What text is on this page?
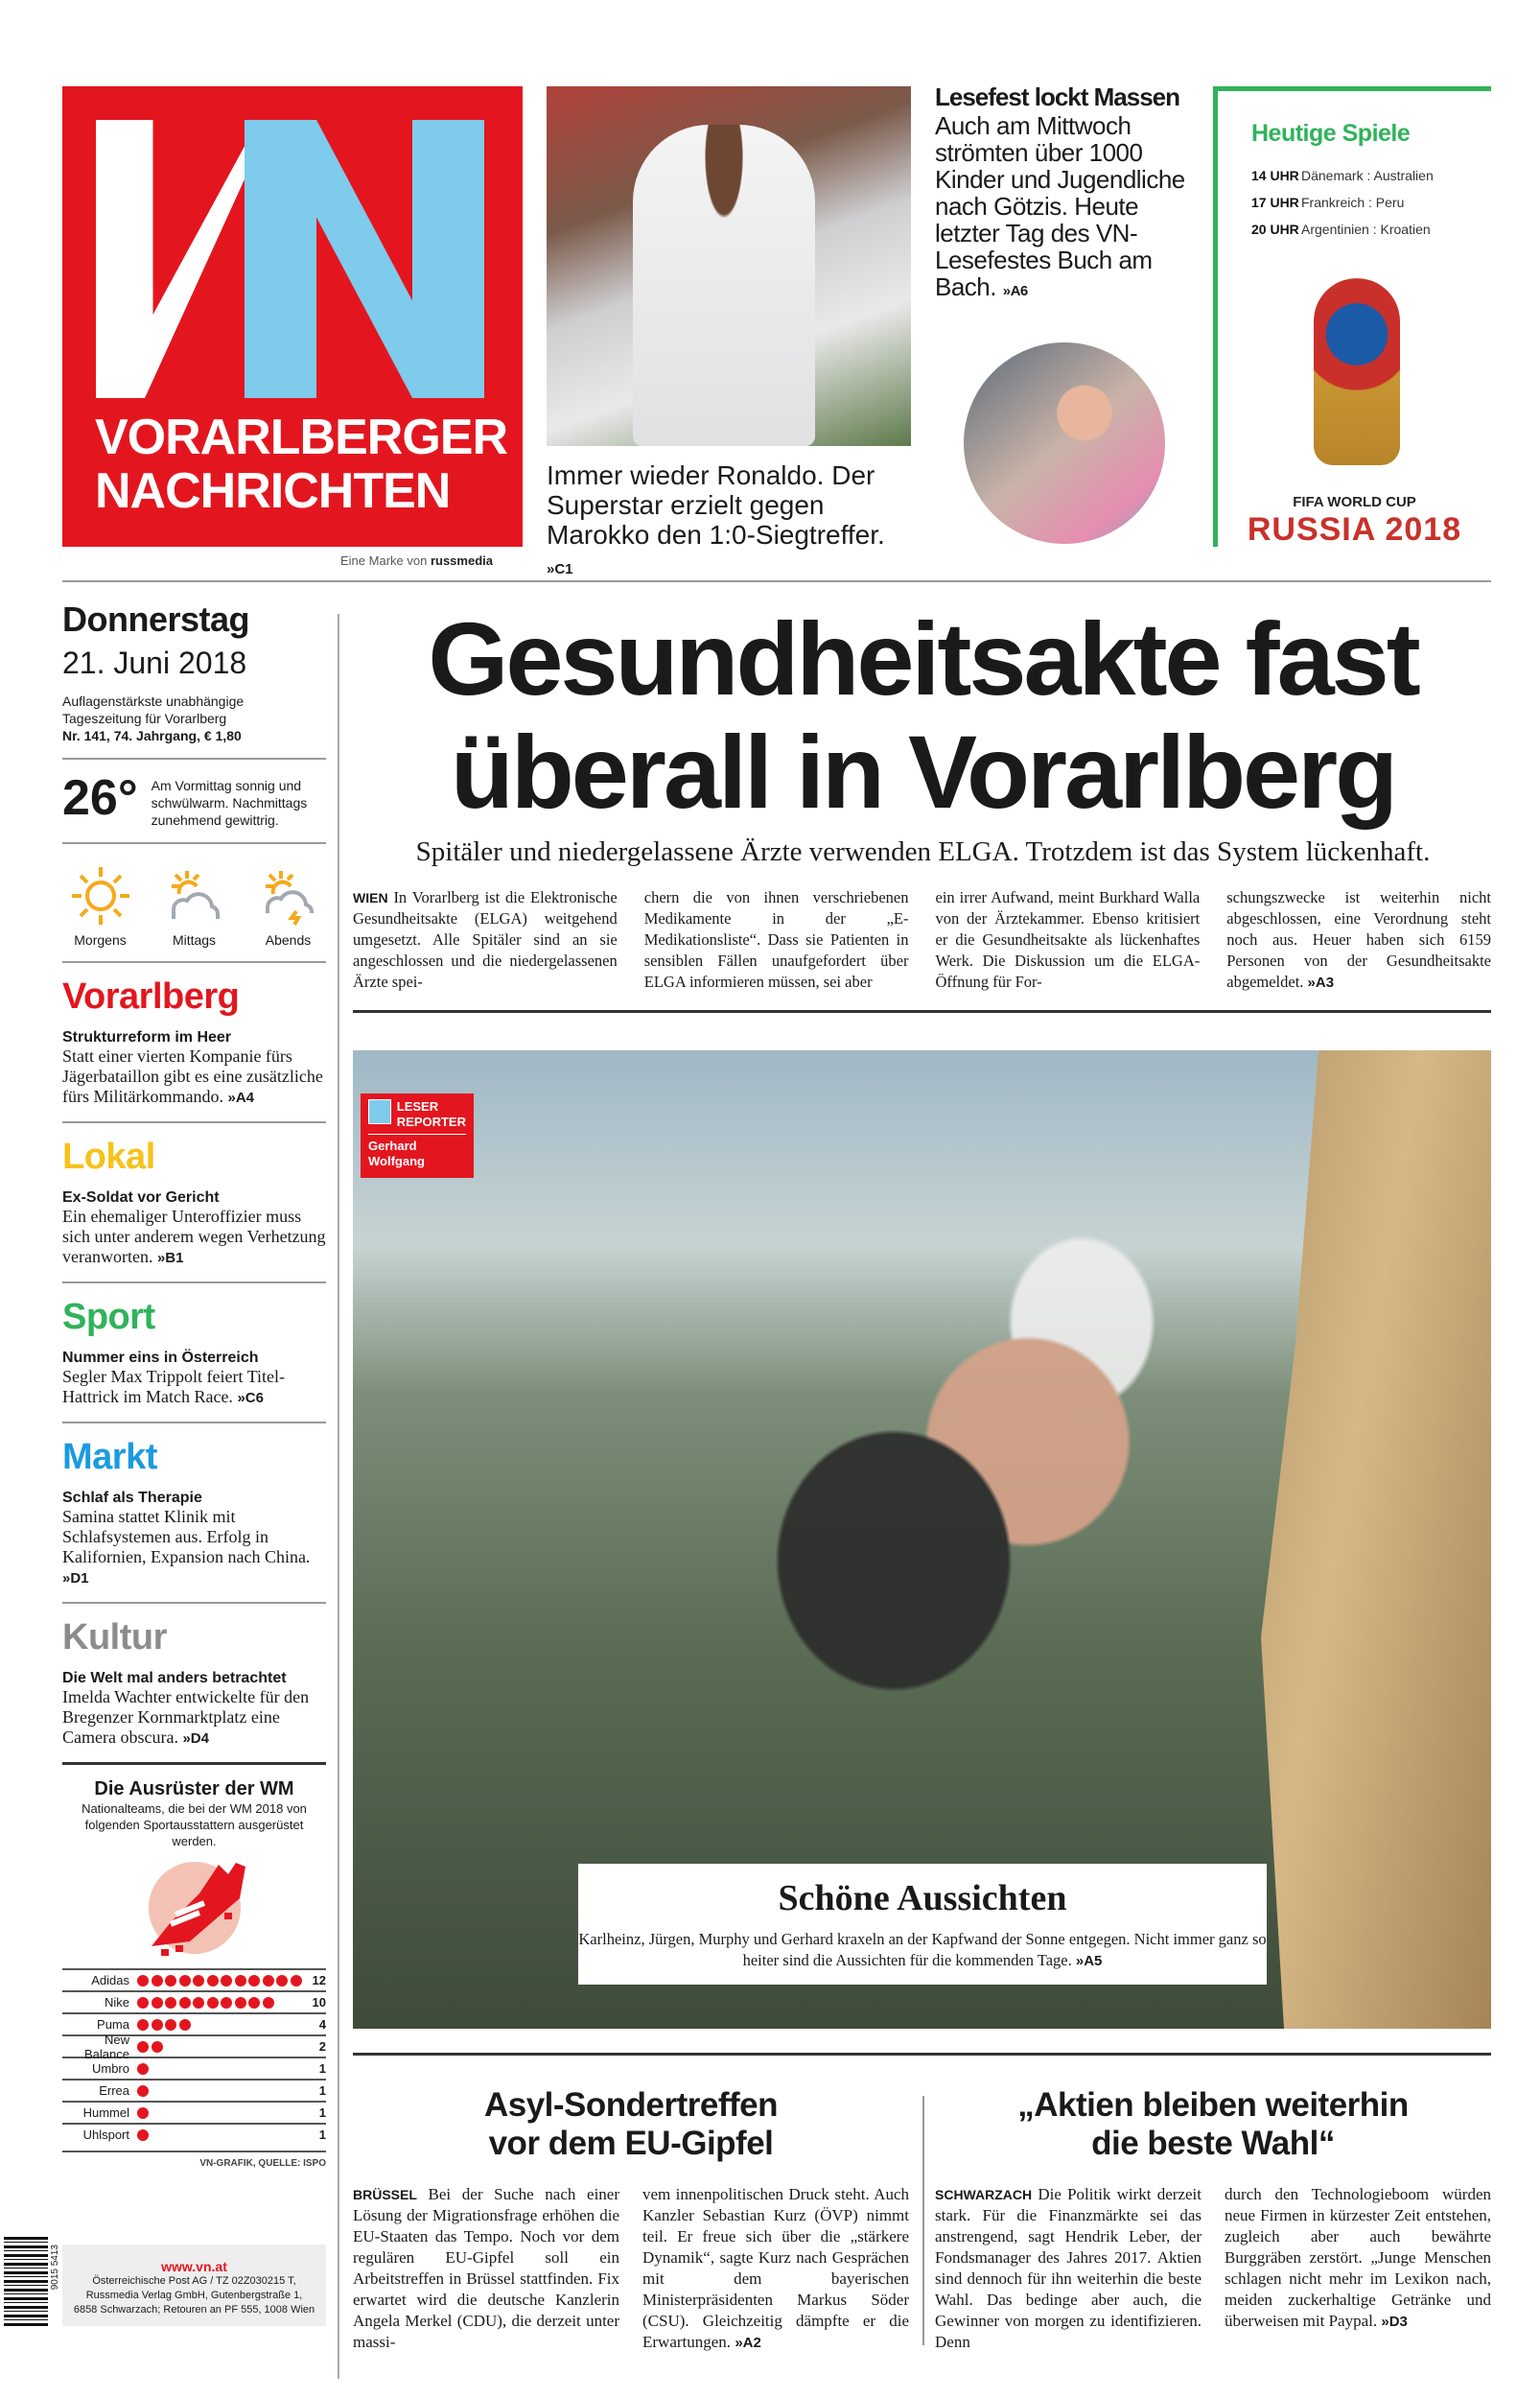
VORARLBERGER
NACHRICHTEN
Eine Marke von russmedia
Immer wieder Ronaldo. Der Superstar erzielt gegen Marokko den 1:0-Siegtreffer. »C1
Lesefest lockt Massen
Auch am Mittwoch strömten über 1000 Kinder und Jugendliche nach Götzis. Heute letzter Tag des VN-Lesefestes Buch am Bach. »A6
Heutige Spiele
14 UHR Dänemark : Australien
17 UHR Frankreich : Peru
20 UHR Argentinien : Kroatien
FIFA WORLD CUP
RUSSIA 2018
Donnerstag
21. Juni 2018
Auflagenstärkste unabhängige
Tageszeitung für Vorarlberg
Nr. 141, 74. Jahrgang, € 1,80
26° Am Vormittag sonnig und schwülwarm. Nachmittags zunehmend gewittrig.
Morgens	Mittags	Abends
Vorarlberg
Strukturreform im Heer
Statt einer vierten Kompanie fürs Jägerbataillon gibt es eine zusätzliche fürs Militärkommando. »A4
Lokal
Ex-Soldat vor Gericht
Ein ehemaliger Unteroffizier muss sich unter anderem wegen Verhetzung veranworten. »B1
Sport
Nummer eins in Österreich
Segler Max Trippolt feiert Titel-Hattrick im Match Race. »C6
Markt
Schlaf als Therapie
Samina stattet Klinik mit Schlafsystemen aus. Erfolg in Kalifornien, Expansion nach China. »D1
Kultur
Die Welt mal anders betrachtet
Imelda Wachter entwickelte für den Bregenzer Kornmarktplatz eine Camera obscura. »D4
Die Ausrüster der WM
Nationalteams, die bei der WM 2018 von folgenden Sportausstattern ausgerüstet werden.
Adidas	12
Nike	10
Puma	4
New Balance	2
Umbro	1
Errea	1
Hummel	1
Uhlsport	1
VN-GRAFIK, QUELLE: ISPO
www.vn.at
Österreichische Post AG / TZ 02Z030215 T,
Russmedia Verlag GmbH, Gutenbergstraße 1,
6858 Schwarzach; Retouren an PF 555, 1008 Wien
9015 5413
Gesundheitsakte fast
überall in Vorarlberg
Spitäler und niedergelassene Ärzte verwenden ELGA. Trotzdem ist das System lückenhaft.

WIEN In Vorarlberg ist die Elektronische Gesundheitsakte (ELGA) weitgehend umgesetzt. Alle Spitäler sind an sie angeschlossen und die niedergelassenen Ärzte spei-

chern die von ihnen verschriebenen Medikamente in der „E-Medikationsliste“. Dass sie Patienten in sensiblen Fällen unaufgefordert über ELGA informieren müssen, sei aber

ein irrer Aufwand, meint Burkhard Walla von der Ärztekammer. Ebenso kritisiert er die Gesundheitsakte als lückenhaftes Werk. Die Diskussion um die ELGA-Öffnung für For-

schungszwecke ist weiterhin nicht abgeschlossen, eine Verordnung steht noch aus. Heuer haben sich 6159 Personen von der Gesundheitsakte abgemeldet. »A3

LESER
REPORTER
Gerhard
Wolfgang
Schöne Aussichten

Karlheinz, Jürgen, Murphy und Gerhard kraxeln an der Kapfwand der Sonne entgegen. Nicht immer ganz so heiter sind die Aussichten für die kommenden Tage. »A5

Asyl-Sondertreffen
vor dem EU-Gipfel

BRÜSSEL Bei der Suche nach einer Lösung der Migrationsfrage erhöhen die EU-Staaten das Tempo. Noch vor dem regulären EU-Gipfel soll ein Arbeitstreffen in Brüssel stattfinden. Fix erwartet wird die deutsche Kanzlerin Angela Merkel (CDU), die derzeit unter massi-

vem innenpolitischen Druck steht. Auch Kanzler Sebastian Kurz (ÖVP) nimmt teil. Er freue sich über die „stärkere Dynamik“, sagte Kurz nach Gesprächen mit dem bayerischen Ministerpräsidenten Markus Söder (CSU). Gleichzeitig dämpfte er die Erwartungen. »A2

„Aktien bleiben weiterhin
die beste Wahl“

SCHWARZACH Die Politik wirkt derzeit stark. Für die Finanzmärkte sei das anstrengend, sagt Hendrik Leber, der Fondsmanager des Jahres 2017. Aktien sind dennoch für ihn weiterhin die beste Wahl. Das bedinge aber auch, die Gewinner von morgen zu identifizieren. Denn

durch den Technologieboom würden neue Firmen in kürzester Zeit entstehen, zugleich aber auch bewährte Burggräben zerstört. „Junge Menschen schlagen nicht mehr im Lexikon nach, meiden zuckerhaltige Getränke und überweisen mit Paypal. »D3
